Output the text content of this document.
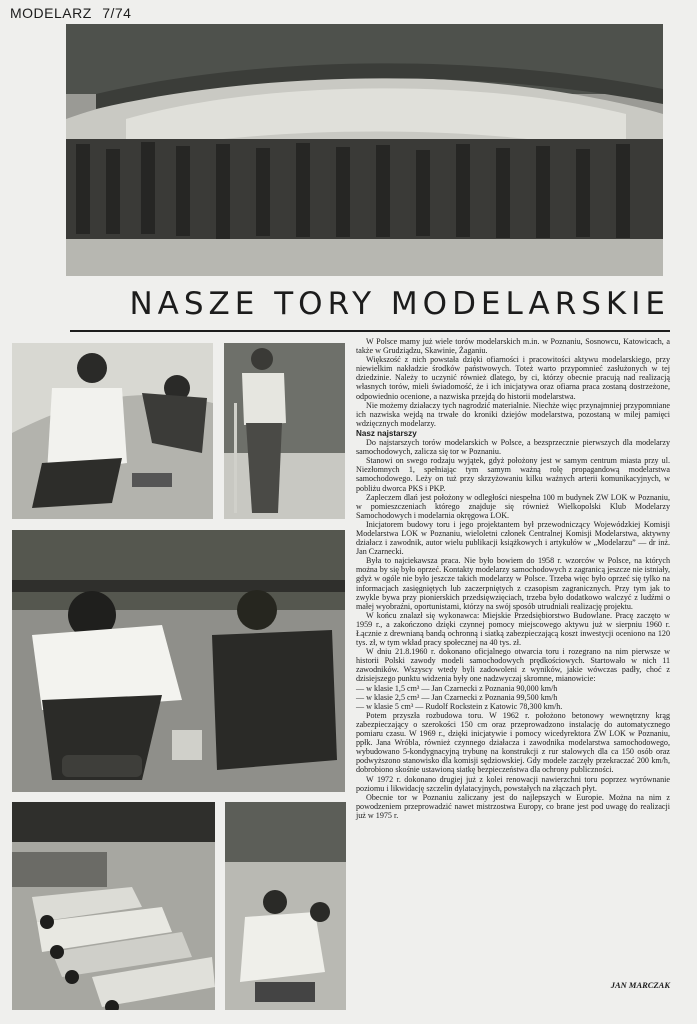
MODELARZ 7/74
NASZE TORY MODELARSKIE

W Polsce mamy już wiele torów modelarskich m.in. w Poznaniu, Sosnowcu, Katowicach, a także w Grudziądzu, Skawinie, Żaganiu.

Większość z nich powstała dzięki ofiarności i pracowitości aktywu modelarskiego, przy niewielkim nakładzie środków państwowych. Toteż warto przypomnieć zasłużonych w tej dziedzinie. Należy to uczynić również dlatego, by ci, którzy obecnie pracują nad realizacją własnych torów, mieli świadomość, że i ich inicjatywa oraz ofiarna praca zostaną dostrzeżone, odpowiednio ocenione, a nazwiska przejdą do historii modelarstwa.

Nie możemy działaczy tych nagrodzić materialnie. Niechże więc przynajmniej przypomniane ich nazwiska wejdą na trwałe do kroniki dziejów modelarstwa, pozostaną w milej pamięci wdzięcznych modelarzy.

Nasz najstarszy

Do najstarszych torów modelarskich w Polsce, a bezsprzecznie pierwszych dla modelarzy samochodowych, zalicza się tor w Poznaniu.

Stanowi on swego rodzaju wyjątek, gdyż położony jest w samym centrum miasta przy ul. Niezłomnych 1, spełniając tym samym ważną rolę propagandową modelarstwa samochodowego. Leży on tuż przy skrzyżowaniu kilku ważnych arterii komunikacyjnych, w pobliżu dworca PKS i PKP.

Zapleczem dlań jest położony w odległości niespełna 100 m budynek ZW LOK w Poznaniu, w pomieszczeniach którego znajduje się również Wielkopolski Klub Modelarzy Samochodowych i modelarnia okręgowa LOK.

Inicjatorem budowy toru i jego projektantem był przewodniczący Wojewódzkiej Komisji Modelarstwa LOK w Poznaniu, wieloletni członek Centralnej Komisji Modelarstwa, aktywny działacz i zawodnik, autor wielu publikacji książkowych i artykułów w „Modelarzu” — dr inż. Jan Czarnecki.

Była to najciekawsza praca. Nie było bowiem do 1958 r. wzorców w Polsce, na których można by się było oprzeć. Kontakty modelarzy samochodowych z zagranicą jeszcze nie istniały, gdyż w ogóle nie było jeszcze takich modelarzy w Polsce. Trzeba więc było oprzeć się tylko na informacjach zasięgniętych lub zaczerpniętych z czasopism zagranicznych. Przy tym jak to zwykle bywa przy pionierskich przedsięwzięciach, trzeba było dodatkowo walczyć z ludźmi o małej wyobraźni, oportunistami, którzy na swój sposób utrudniali realizację projektu.

W końcu znalazł się wykonawca: Miejskie Przedsiębiorstwo Budowlane. Pracę zaczęto w 1959 r., a zakończono dzięki czynnej pomocy miejscowego aktywu już w sierpniu 1960 r. Łącznie z drewnianą bandą ochronną i siatką zabezpieczającą koszt inwestycji oceniono na 120 tys. zł, w tym wkład pracy społecznej na 40 tys. zł.

W dniu 21.8.1960 r. dokonano oficjalnego otwarcia toru i rozegrano na nim pierwsze w historii Polski zawody modeli samochodowych prędkościowych. Startowało w nich 11 zawodników. Wszyscy wtedy byli zadowoleni z wyników, jakie wówczas padły, choć z dzisiejszego punktu widzenia były one nadzwyczaj skromne, mianowicie:

— w klasie 1,5 cm³ — Jan Czarnecki z Poznania 90,000 km/h
— w klasie 2,5 cm³ — Jan Czarnecki z Poznania 99,500 km/h
— w klasie 5 cm³ — Rudolf Rockstein z Katowic 78,300 km/h.

Potem przyszła rozbudowa toru. W 1962 r. położono betonowy wewnętrzny krąg zabezpieczający o szerokości 150 cm oraz przeprowadzono instalację do automatycznego pomiaru czasu. W 1969 r., dzięki inicjatywie i pomocy wicedyrektora ZW LOK w Poznaniu, ppłk. Jana Wróbla, również czynnego działacza i zawodnika modelarstwa samochodowego, wybudowano 5-kondygnacyjną trybunę na konstrukcji z rur stalowych dla ca 150 osób oraz podwyższono stanowisko dla komisji sędziowskiej. Gdy modele zaczęły przekraczać 200 km/h, dobrobiono skośnie ustawioną siatkę bezpieczeństwa dla ochrony publiczności.

W 1972 r. dokonano drugiej już z kolei renowacji nawierzchni toru poprzez wyrównanie poziomu i likwidację szczelin dylatacyjnych, powstałych na złączach płyt.

Obecnie tor w Poznaniu zaliczany jest do najlepszych w Europie. Można na nim z powodzeniem przeprowadzić nawet mistrzostwa Europy, co brane jest pod uwagę do realizacji już w 1975 r.

JAN MARCZAK
